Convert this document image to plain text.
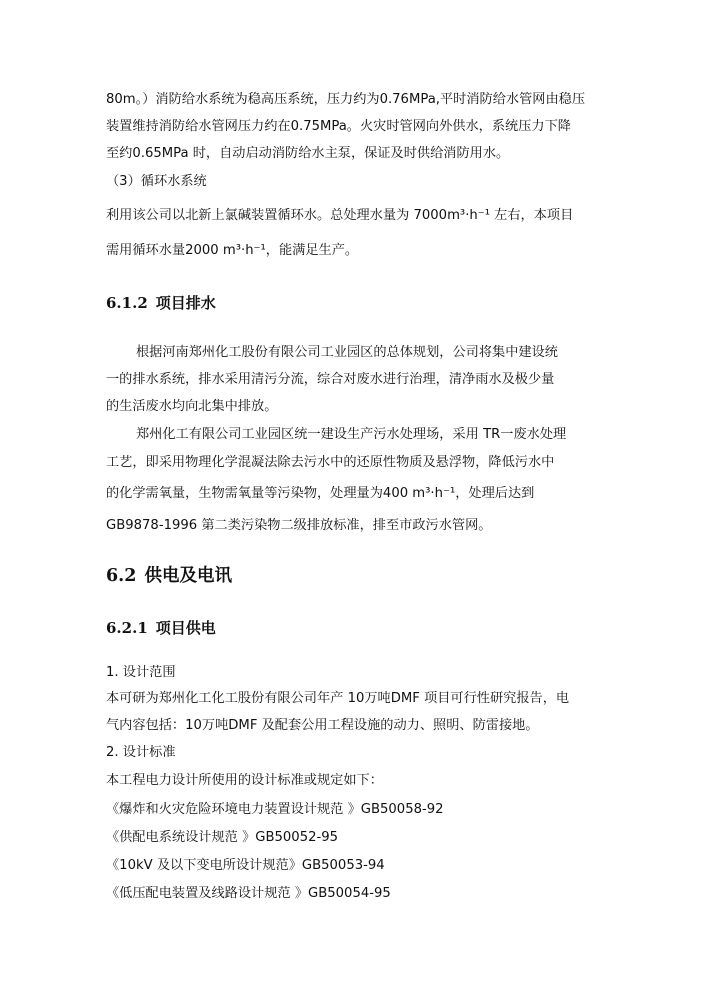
80m。）消防给水系统为稳高压系统，压力约为0.76MPa,平时消防给水管网由稳压
装置维持消防给水管网压力约在0.75MPa。火灾时管网向外供水，系统压力下降
至约0.65MPa 时，自动启动消防给水主泵，保证及时供给消防用水。
（3）循环水系统
利用该公司以北新上氯碱装置循环水。总处理水量为 7000m³·h⁻¹ 左右，本项目
需用循环水量2000 m³·h⁻¹，能满足生产。
6.1.2 项目排水
根据河南郑州化工股份有限公司工业园区的总体规划，公司将集中建设统
一的排水系统，排水采用清污分流，综合对废水进行治理，清净雨水及极少量
的生活废水均向北集中排放。
郑州化工有限公司工业园区统一建设生产污水处理场，采用 TR一废水处理
工艺，即采用物理化学混凝法除去污水中的还原性物质及悬浮物，降低污水中
的化学需氧量，生物需氧量等污染物，处理量为400 m³·h⁻¹，处理后达到
GB9878-1996 第二类污染物二级排放标准，排至市政污水管网。
6.2 供电及电讯
6.2.1 项目供电
1. 设计范围
本可研为郑州化工化工股份有限公司年产 10万吨DMF 项目可行性研究报告，电
气内容包括：10万吨DMF 及配套公用工程设施的动力、照明、防雷接地。
2. 设计标准
本工程电力设计所使用的设计标准或规定如下：
《爆炸和火灾危险环境电力装置设计规范 》GB50058-92
《供配电系统设计规范 》GB50052-95
《10kV 及以下变电所设计规范》GB50053-94
《低压配电装置及线路设计规范 》GB50054-95
